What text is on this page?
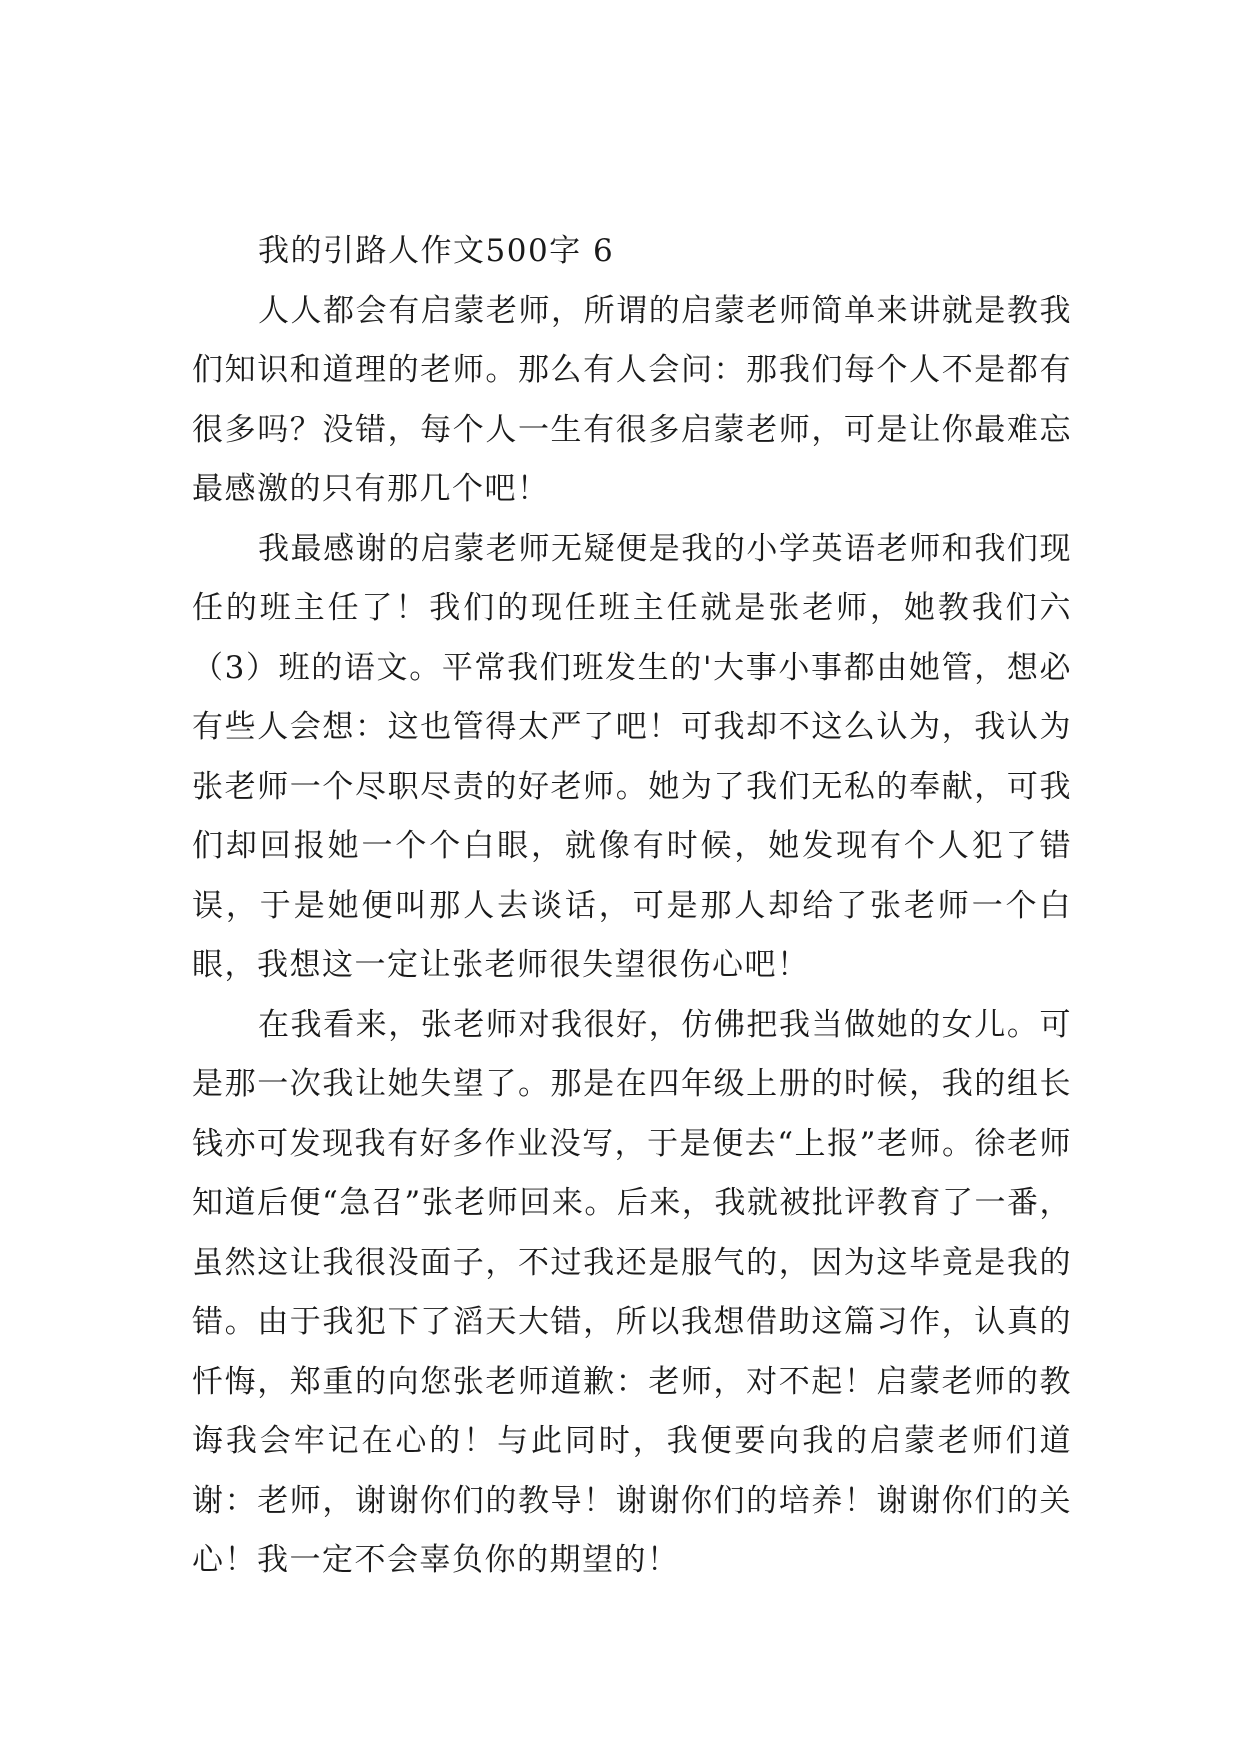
我的引路人作文500字 6

人人都会有启蒙老师，所谓的启蒙老师简单来讲就是教我们知识和道理的老师。那么有人会问：那我们每个人不是都有很多吗？没错，每个人一生有很多启蒙老师，可是让你最难忘最感激的只有那几个吧！

我最感谢的启蒙老师无疑便是我的小学英语老师和我们现任的班主任了！我们的现任班主任就是张老师，她教我们六（3）班的语文。平常我们班发生的'大事小事都由她管，想必有些人会想：这也管得太严了吧！可我却不这么认为，我认为张老师一个尽职尽责的好老师。她为了我们无私的奉献，可我们却回报她一个个白眼，就像有时候，她发现有个人犯了错误，于是她便叫那人去谈话，可是那人却给了张老师一个白眼，我想这一定让张老师很失望很伤心吧！

在我看来，张老师对我很好，仿佛把我当做她的女儿。可是那一次我让她失望了。那是在四年级上册的时候，我的组长钱亦可发现我有好多作业没写，于是便去“上报”老师。徐老师知道后便“急召”张老师回来。后来，我就被批评教育了一番，虽然这让我很没面子，不过我还是服气的，因为这毕竟是我的错。由于我犯下了滔天大错，所以我想借助这篇习作，认真的忏悔，郑重的向您张老师道歉：老师，对不起！启蒙老师的教诲我会牢记在心的！与此同时，我便要向我的启蒙老师们道谢：老师，谢谢你们的教导！谢谢你们的培养！谢谢你们的关心！我一定不会辜负你的期望的！
